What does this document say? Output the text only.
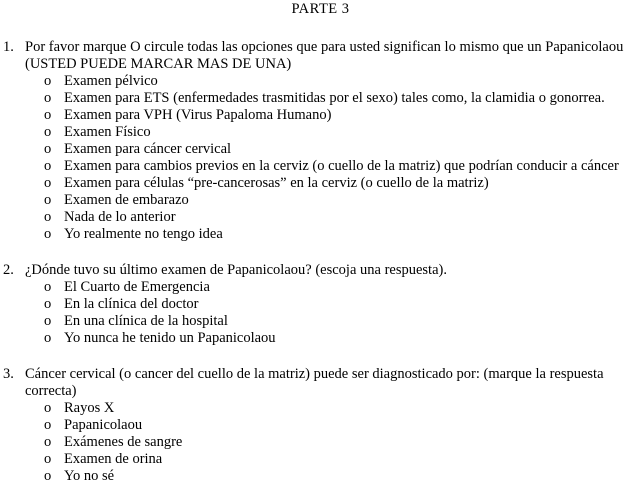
PARTE 3
1. Por favor marque O circule todas las opciones que para usted significan lo mismo que un Papanicolaou (USTED PUEDE MARCAR MAS DE UNA)
o Examen pélvico
o Examen para ETS (enfermedades trasmitidas por el sexo) tales como, la clamidia o gonorrea.
o Examen para VPH (Virus Papaloma Humano)
o Examen Físico
o Examen para cáncer cervical
o Examen para cambios previos en la cerviz (o cuello de la matriz) que podrían conducir a cáncer
o Examen para células “pre-cancerosas” en la cerviz (o cuello de la matriz)
o Examen de embarazo
o Nada de lo anterior
o Yo realmente no tengo idea
2. ¿Dónde tuvo su último examen de Papanicolaou? (escoja una respuesta).
o El Cuarto de Emergencia
o En la clínica del doctor
o En una clínica de la hospital
o Yo nunca he tenido un Papanicolaou
3. Cáncer cervical (o cancer del cuello de la matriz) puede ser diagnosticado por: (marque la respuesta correcta)
o Rayos X
o Papanicolaou
o Exámenes de sangre
o Examen de orina
o Yo no sé
